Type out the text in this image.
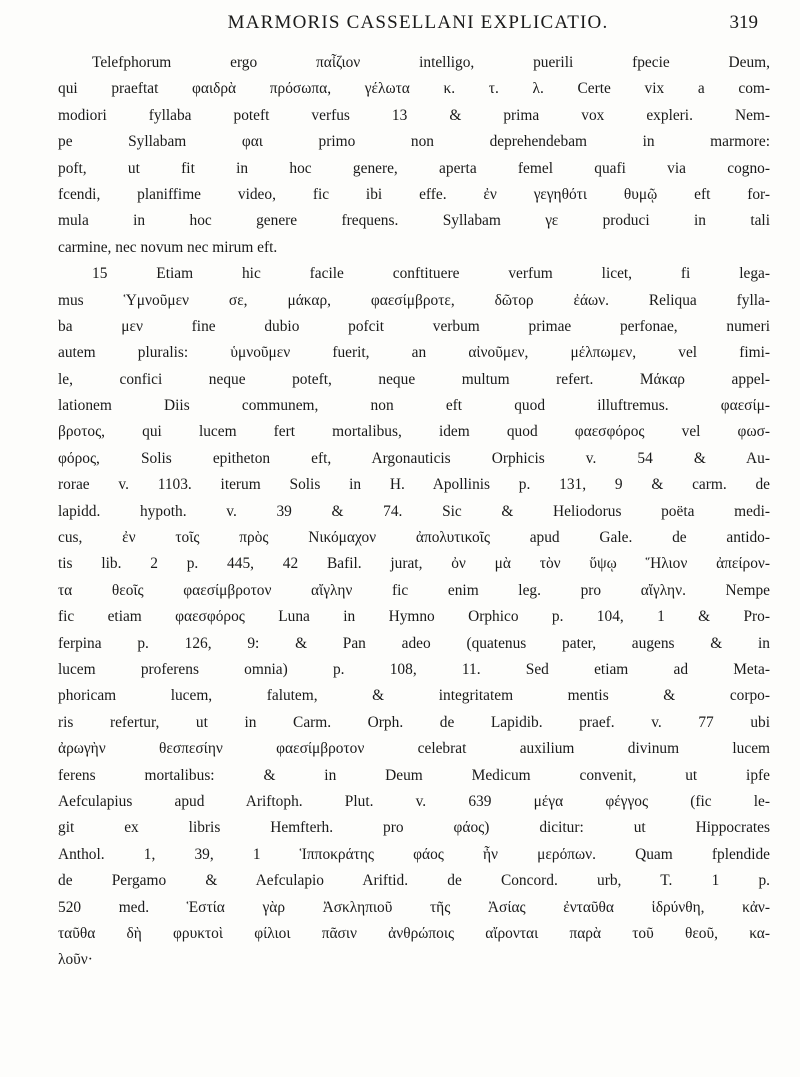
MARMORIS CASSELLANI EXPLICATIO.	319
Telefphorum ergo παἶζιον intelligo, puerili fpecie Deum,
qui praeftat φαιδρὰ πρόσωπα, γέλωτα κ. τ. λ. Certe vix a com-
modiori fyllaba poteft verfus 13 & prima vox expleri. Nem-
pe Syllabam φαι primo non deprehendebam in marmore:
poft, ut fit in hoc genere, aperta femel quafi via cogno-
fcendi, planiffime video, fic ibi effe. ἐν γεγηθότι θυμῷ eft for-
mula in hoc genere frequens. Syllabam γε produci in tali
carmine, nec novum nec mirum eft.
15 Etiam hic facile conftituere verfum licet, fi lega-
mus Ὑμνοῦμεν σε, μάκαρ, φαεσίμβροτε, δῶτορ ἐάων. Reliqua fylla-
ba μεν fine dubio pofcit verbum primae perfonae, numeri
autem pluralis: ὑμνοῦμεν fuerit, an αἰνοῦμεν, μέλπωμεν, vel fimi-
le, confici neque poteft, neque multum refert. Μάκαρ appel-
lationem Diis communem, non eft quod illuftremus. φαεσίμ-
βροτος, qui lucem fert mortalibus, idem quod φαεσφόρος vel φωσ-
φόρος, Solis epitheton eft, Argonauticis Orphicis v. 54 & Au-
rorae v. 1103. iterum Solis in H. Apollinis p. 131, 9 & carm. de
lapidd. hypoth. v. 39 & 74. Sic & Heliodorus poëta medi-
cus, ἐν τοῖς πρὸς Νικόμαχον ἀπολυτικοῖς apud Gale. de antido-
tis lib. 2 p. 445, 42 Bafil. jurat, ὀν μὰ τὸν ὕψῳ Ἥλιον ἀπείρον-
τα θεοῖς φαεσίμβροτον αἴγλην fic enim leg. pro αἴγλην. Nempe
fic etiam φαεσφόρος Luna in Hymno Orphico p. 104, 1 & Pro-
ferpina p. 126, 9: & Pan adeo (quatenus pater, augens & in
lucem proferens omnia) p. 108, 11. Sed etiam ad Meta-
phoricam lucem, falutem, & integritatem mentis & corpo-
ris refertur, ut in Carm. Orph. de Lapidib. praef. v. 77 ubi
ἀρωγὴν θεσπεσίην φαεσίμβροτον celebrat auxilium divinum lucem
ferens mortalibus: & in Deum Medicum convenit, ut ipfe
Aefculapius apud Ariftoph. Plut. v. 639 μέγα φέγγος (fic le-
git ex libris Hemfterh. pro φάος) dicitur: ut Hippocrates
Anthol. 1, 39, 1 Ἱπποκράτης φάος ἦν μερόπων. Quam fplendide
de Pergamo & Aefculapio Ariftid. de Concord. urb, T. 1 p.
520 med. Ἑστία γὰρ Ἀσκληπιοῦ τῆς Ἀσίας ἐνταῦθα ἱδρύνθη, κἀν-
ταῦθα δὴ φρυκτοὶ φίλιοι πᾶσιν ἀνθρώποις αἴρονται παρὰ τοῦ θεοῦ, κα-
λοῦν·
